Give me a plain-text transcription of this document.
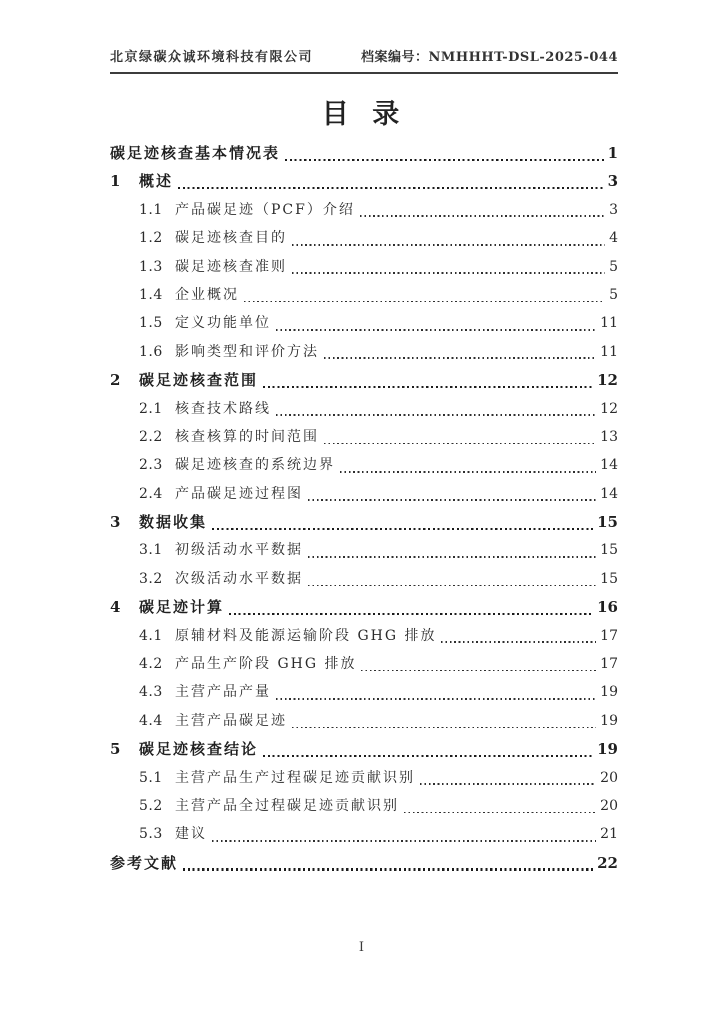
北京绿碳众诚环境科技有限公司	档案编号：NMHHHT-DSL-2025-044
目 录
碳足迹核查基本情况表	1
1	概述	3
1.1 产品碳足迹（PCF）介绍	3
1.2 碳足迹核查目的	4
1.3 碳足迹核查准则	5
1.4 企业概况	5
1.5 定义功能单位	11
1.6 影响类型和评价方法	11
2	碳足迹核查范围	12
2.1 核查技术路线	12
2.2 核查核算的时间范围	13
2.3 碳足迹核查的系统边界	14
2.4 产品碳足迹过程图	14
3	数据收集	15
3.1 初级活动水平数据	15
3.2 次级活动水平数据	15
4	碳足迹计算	16
4.1 原辅材料及能源运输阶段 GHG 排放	17
4.2 产品生产阶段 GHG 排放	17
4.3 主营产品产量	19
4.4 主营产品碳足迹	19
5	碳足迹核查结论	19
5.1 主营产品生产过程碳足迹贡献识别	20
5.2 主营产品全过程碳足迹贡献识别	20
5.3 建议	21
参考文献	22
I
